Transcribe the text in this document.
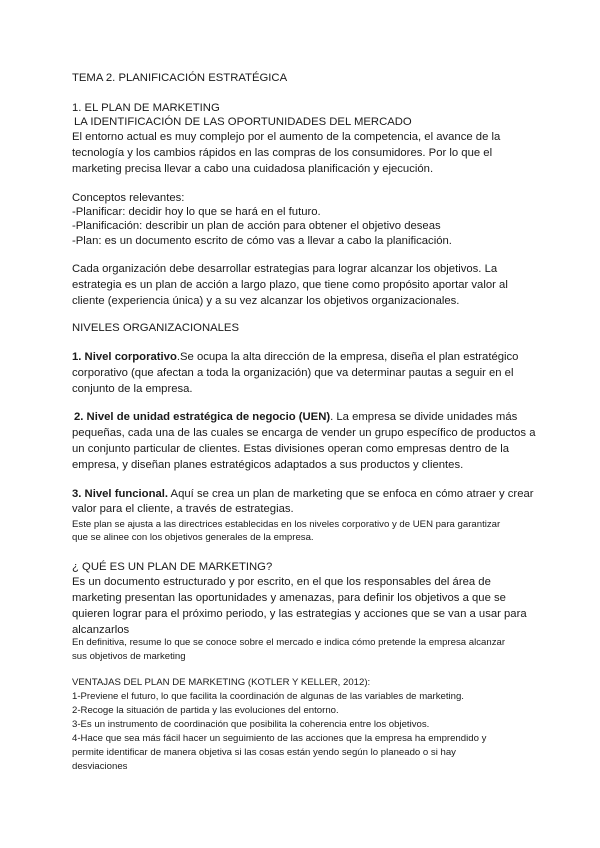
TEMA 2. PLANIFICACIÓN ESTRATÉGICA
1. EL PLAN DE MARKETING
LA IDENTIFICACIÓN DE LAS OPORTUNIDADES DEL MERCADO
El entorno actual es muy complejo por el aumento de la competencia, el avance de la
tecnología y los cambios rápidos en las compras de los consumidores. Por lo que el
marketing precisa llevar a cabo una cuidadosa planificación y ejecución.
Conceptos relevantes:
-Planificar: decidir hoy lo que se hará en el futuro.
-Planificación: describir un plan de acción para obtener el objetivo deseas
-Plan: es un documento escrito de cómo vas a llevar a cabo la planificación.
Cada organización debe desarrollar estrategias para lograr alcanzar los objetivos. La
estrategia es un plan de acción a largo plazo, que tiene como propósito aportar valor al
cliente (experiencia única) y a su vez alcanzar los objetivos organizacionales.
NIVELES ORGANIZACIONALES
1. Nivel corporativo.Se ocupa la alta dirección de la empresa, diseña el plan estratégico
corporativo (que afectan a toda la organización) que va determinar pautas a seguir en el
conjunto de la empresa.
2. Nivel de unidad estratégica de negocio (UEN). La empresa se divide unidades más
pequeñas, cada una de las cuales se encarga de vender un grupo específico de productos a
un conjunto particular de clientes. Estas divisiones operan como empresas dentro de la
empresa, y diseñan planes estratégicos adaptados a sus productos y clientes.
3. Nivel funcional. Aquí se crea un plan de marketing que se enfoca en cómo atraer y crear
valor para el cliente, a través de estrategias.
Este plan se ajusta a las directrices establecidas en los niveles corporativo y de UEN para garantizar
que se alinee con los objetivos generales de la empresa.
¿ QUÉ ES UN PLAN DE MARKETING?
Es un documento estructurado y por escrito, en el que los responsables del área de
marketing presentan las oportunidades y amenazas, para definir los objetivos a que se
quieren lograr para el próximo periodo, y las estrategias y acciones que se van a usar para
alcanzarlos
En definitiva, resume lo que se conoce sobre el mercado e indica cómo pretende la empresa alcanzar
sus objetivos de marketing
VENTAJAS DEL PLAN DE MARKETING (KOTLER Y KELLER, 2012):
1-Previene el futuro, lo que facilita la coordinación de algunas de las variables de marketing.
2-Recoge la situación de partida y las evoluciones del entorno.
3-Es un instrumento de coordinación que posibilita la coherencia entre los objetivos.
4-Hace que sea más fácil hacer un seguimiento de las acciones que la empresa ha emprendido y
permite identificar de manera objetiva si las cosas están yendo según lo planeado o si hay
desviaciones
